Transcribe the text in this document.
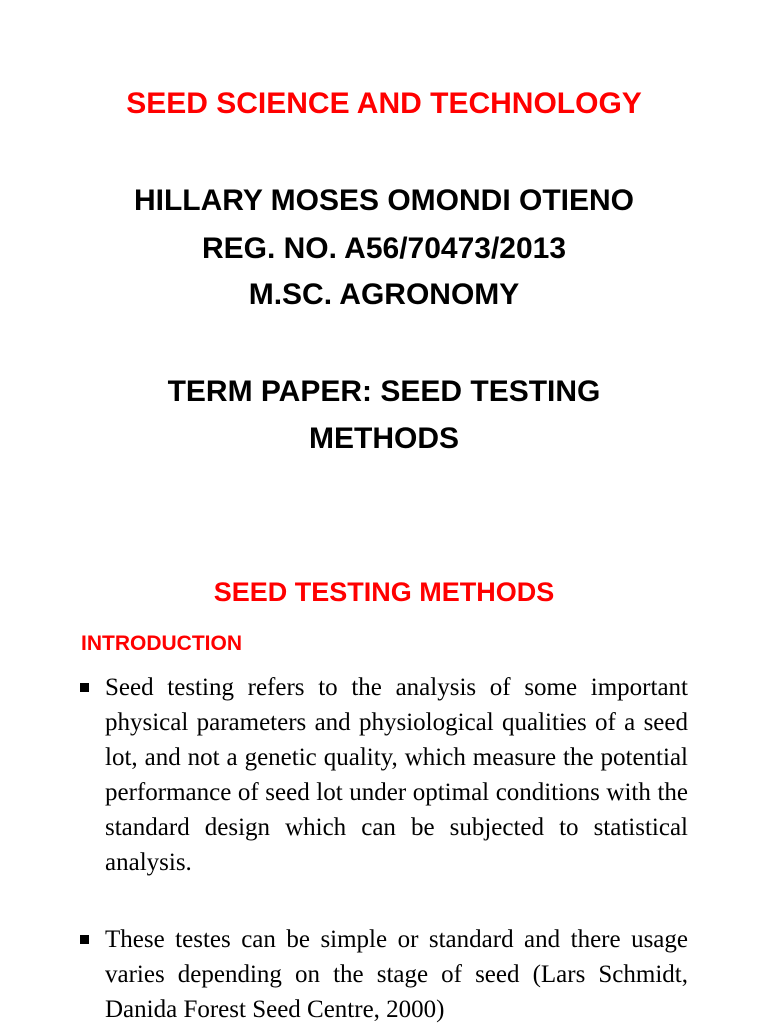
SEED SCIENCE AND TECHNOLOGY
HILLARY MOSES OMONDI OTIENO
REG. NO. A56/70473/2013
M.SC. AGRONOMY
TERM PAPER: SEED TESTING
METHODS
SEED TESTING METHODS
INTRODUCTION
Seed testing refers to the analysis of some important physical parameters and physiological qualities of a seed lot, and not a genetic quality, which measure the potential performance of seed lot under optimal conditions with the standard design which can be subjected to statistical analysis.
These testes can be simple or standard and there usage varies depending on the stage of seed (Lars Schmidt, Danida Forest Seed Centre, 2000)
